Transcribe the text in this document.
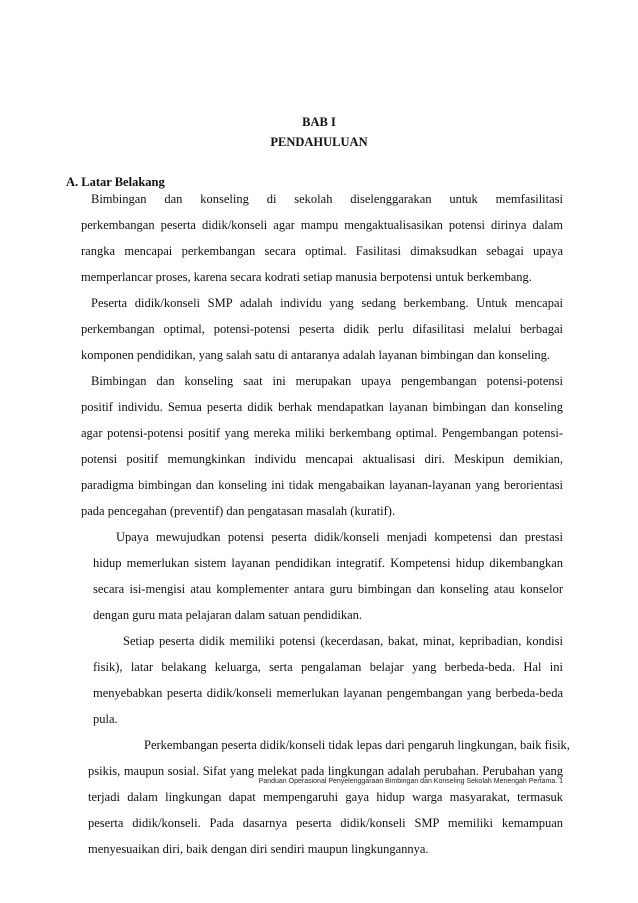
BAB I
PENDAHULUAN
A. Latar Belakang
Bimbingan dan konseling di sekolah diselenggarakan untuk memfasilitasi
perkembangan peserta didik/konseli agar mampu mengaktualisasikan potensi dirinya dalam
rangka mencapai perkembangan secara optimal. Fasilitasi dimaksudkan sebagai upaya
memperlancar proses, karena secara kodrati setiap manusia berpotensi untuk berkembang.
Peserta didik/konseli SMP adalah individu yang sedang berkembang. Untuk mencapai
perkembangan optimal, potensi-potensi peserta didik perlu difasilitasi melalui berbagai
komponen pendidikan, yang salah satu di antaranya adalah layanan bimbingan dan konseling.
Bimbingan dan konseling saat ini merupakan upaya pengembangan potensi-potensi
positif individu. Semua peserta didik berhak mendapatkan layanan bimbingan dan konseling
agar potensi-potensi positif yang mereka miliki berkembang optimal. Pengembangan potensi-
potensi positif memungkinkan individu mencapai aktualisasi diri. Meskipun demikian,
paradigma bimbingan dan konseling ini tidak mengabaikan layanan-layanan yang berorientasi
pada pencegahan (preventif) dan pengatasan masalah (kuratif).
Upaya mewujudkan potensi peserta didik/konseli menjadi kompetensi dan prestasi
hidup memerlukan sistem layanan pendidikan integratif. Kompetensi hidup dikembangkan
secara isi-mengisi atau komplementer antara guru bimbingan dan konseling atau konselor
dengan guru mata pelajaran dalam satuan pendidikan.
Setiap peserta didik memiliki potensi (kecerdasan, bakat, minat, kepribadian, kondisi
fisik), latar belakang keluarga, serta pengalaman belajar yang berbeda-beda. Hal ini
menyebabkan peserta didik/konseli memerlukan layanan pengembangan yang berbeda-beda
pula.
Perkembangan peserta didik/konseli tidak lepas dari pengaruh lingkungan, baik fisik,
psikis, maupun sosial. Sifat yang melekat pada lingkungan adalah perubahan. Perubahan yang
terjadi dalam lingkungan dapat mempengaruhi gaya hidup warga masyarakat, termasuk
peserta didik/konseli. Pada dasarnya peserta didik/konseli SMP memiliki kemampuan
menyesuaikan diri, baik dengan diri sendiri maupun lingkungannya.
Panduan Operasional Penyelenggaraan Bimbingan dan Konseling Sekolah Menengah Pertama. 1
